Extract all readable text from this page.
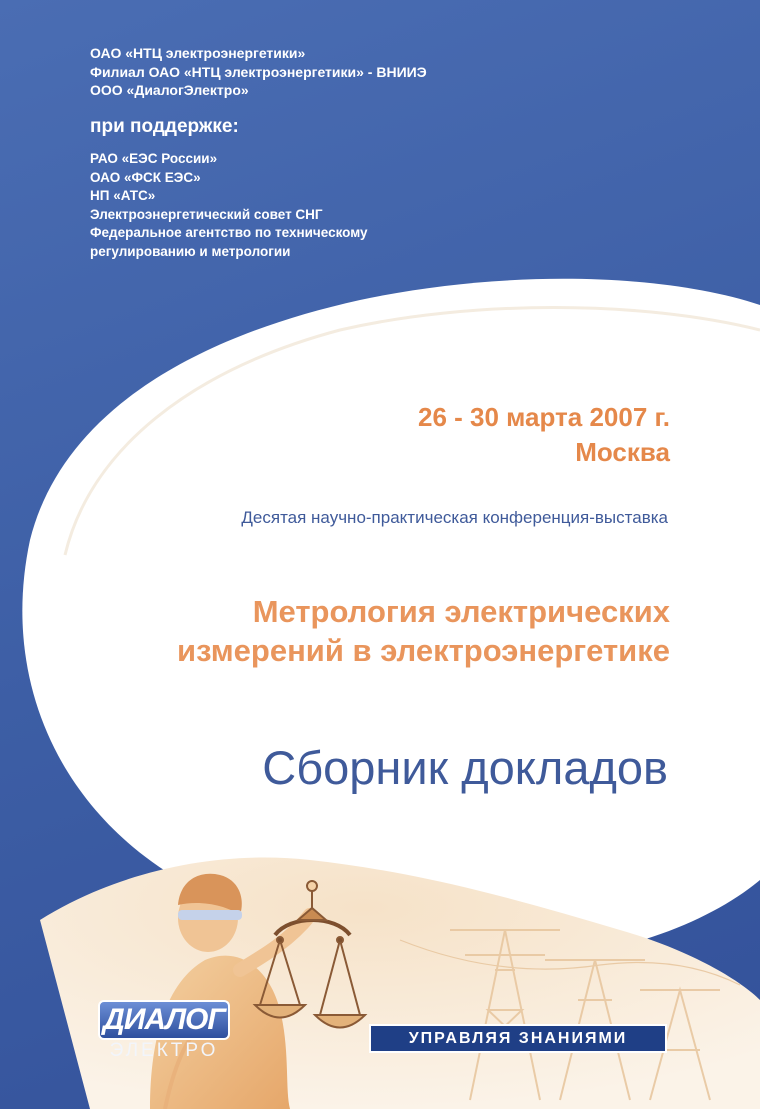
ОАО «НТЦ электроэнергетики»
Филиал ОАО «НТЦ электроэнергетики» - ВНИИЭ
ООО «ДиалогЭлектро»
при поддержке:
РАО «ЕЭС России»
ОАО «ФСК ЕЭС»
НП «АТС»
Электроэнергетический совет СНГ
Федеральное агентство по техническому
регулированию и метрологии
26 - 30 марта 2007 г.
Москва
Десятая научно-практическая конференция-выставка
Метрология электрических
измерений в электроэнергетике
Сборник докладов
ДИАЛОГ
ЭЛЕКТРО
УПРАВЛЯЯ ЗНАНИЯМИ
